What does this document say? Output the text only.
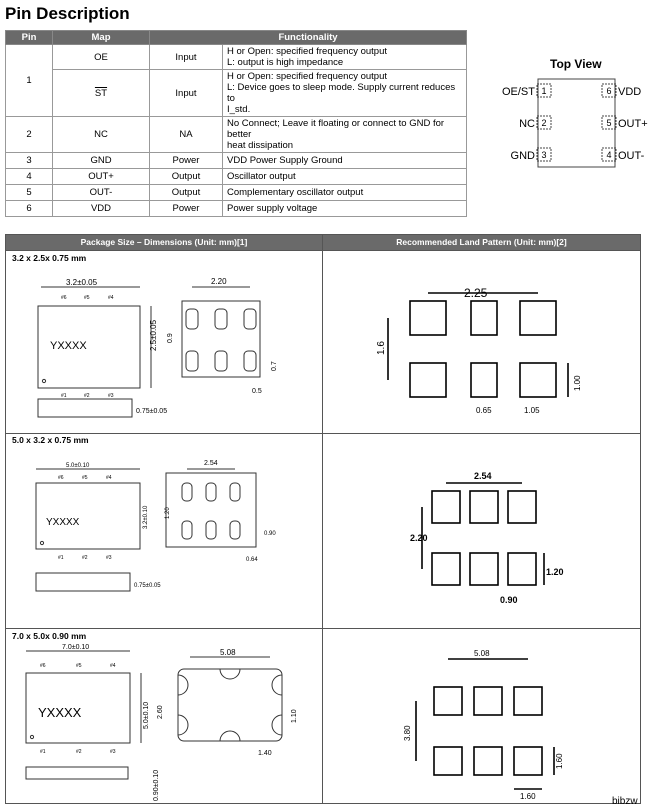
Pin Description
Pin	Map	Functionality	
1	OE	Input	H or Open: specified frequency output
L: output is high impedance
	$\overline{ST}$	Input	H or Open: specified frequency output
L: Device goes to sleep mode. Supply current reduces to
I_std.
2	NC	NA	No Connect; Leave it floating or connect to GND for better
heat dissipation
3	GND	Power	VDD Power Supply Ground
4	OUT+	Output	Oscillator output
5	OUT-	Output	Complementary oscillator output
6	VDD	Power	Power supply voltage
Top View
OE/ST 1
NC 2
GND 3
6 VDD
5 OUT+
4 OUT-
Package Size – Dimensions (Unit: mm)[1]	Recommended Land Pattern (Unit: mm)[2]
3.2 x 2.5x 0.75 mm
5.0 x 3.2 x 0.75 mm
7.0 x 5.0x 0.90 mm
3.2±0.05
2.5±0.05
YXXXX
0.75±0.05
2.20
0.9
0.7
0.5
#6	#5	#4
#1	#2	#3
2.25
1.6
1.00
0.65	1.05
5.0±0.10
3.2±0.10
YXXXX
0.75±0.05
2.54
1.20
0.90
0.64
#6	#5	#4
#1	#2	#3
2.54
2.20
1.20
0.90
7.0±0.10
5.0±0.10
YXXXX
0.90±0.10
5.08
2.60	1.10
1.40
#6	#5	#4
#1	#2	#3
5.08
3.80
1.60
1.60	bibzw
